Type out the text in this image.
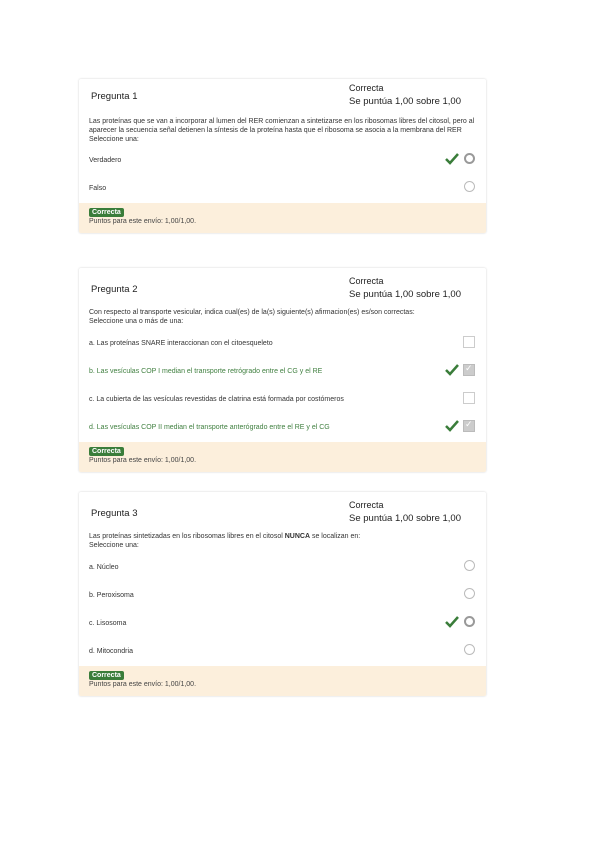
Pregunta 1
Correcta
Se puntúa 1,00 sobre 1,00
Las proteínas que se van a incorporar al lumen del RER comienzan a sintetizarse en los ribosomas libres del citosol, pero al aparecer la secuencia señal detienen la síntesis de la proteína hasta que el ribosoma se asocia a la membrana del RER
Seleccione una:
Verdadero
Falso
Correcta
Puntos para este envío: 1,00/1,00.
Pregunta 2
Correcta
Se puntúa 1,00 sobre 1,00
Con respecto al transporte vesicular, indica cual(es) de la(s) siguiente(s) afirmacion(es) es/son correctas:
Seleccione una o más de una:
a. Las proteínas SNARE interaccionan con el citoesqueleto
b. Las vesículas COP I median el transporte retrógrado entre el CG y el RE
✓
c. La cubierta de las vesículas revestidas de clatrina está formada por costómeros
d. Las vesículas COP II median el transporte anterógrado entre el RE y el CG
✓
Correcta
Puntos para este envío: 1,00/1,00.
Pregunta 3
Correcta
Se puntúa 1,00 sobre 1,00
Las proteínas sintetizadas en los ribosomas libres en el citosol NUNCA se localizan en:
Seleccione una:
a. Núcleo
b. Peroxisoma
c. Lisosoma
d. Mitocondria
Correcta
Puntos para este envío: 1,00/1,00.
